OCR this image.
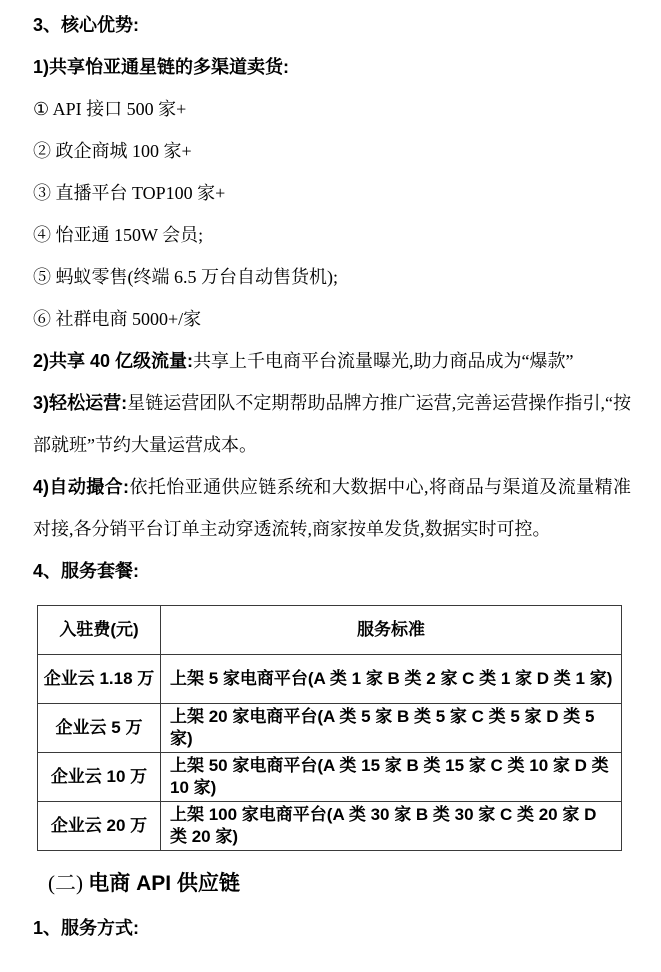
3、核心优势:

1)共享怡亚通星链的多渠道卖货:

① API 接口 500 家+

② 政企商城 100 家+

③ 直播平台 TOP100 家+

④ 怡亚通 150W 会员;

⑤ 蚂蚁零售(终端 6.5 万台自动售货机);

⑥ 社群电商 5000+/家

2)共享 40 亿级流量:共享上千电商平台流量曝光,助力商品成为“爆款”

3)轻松运营:星链运营团队不定期帮助品牌方推广运营,完善运营操作指引,“按部就班”节约大量运营成本。

4)自动撮合:依托怡亚通供应链系统和大数据中心,将商品与渠道及流量精准对接,各分销平台订单主动穿透流转,商家按单发货,数据实时可控。

4、服务套餐:

入驻费(元)	服务标准
企业云 1.18 万	上架 5 家电商平台(A 类 1 家 B 类 2 家 C 类 1 家 D 类 1 家)
企业云 5 万	上架 20 家电商平台(A 类 5 家 B 类 5 家 C 类 5 家 D 类 5 家)
企业云 10 万	上架 50 家电商平台(A 类 15 家 B 类 15 家 C 类 10 家 D 类 10 家)
企业云 20 万	上架 100 家电商平台(A 类 30 家 B 类 30 家 C 类 20 家 D 类 20 家)

(二) 电商 API 供应链

1、服务方式:
